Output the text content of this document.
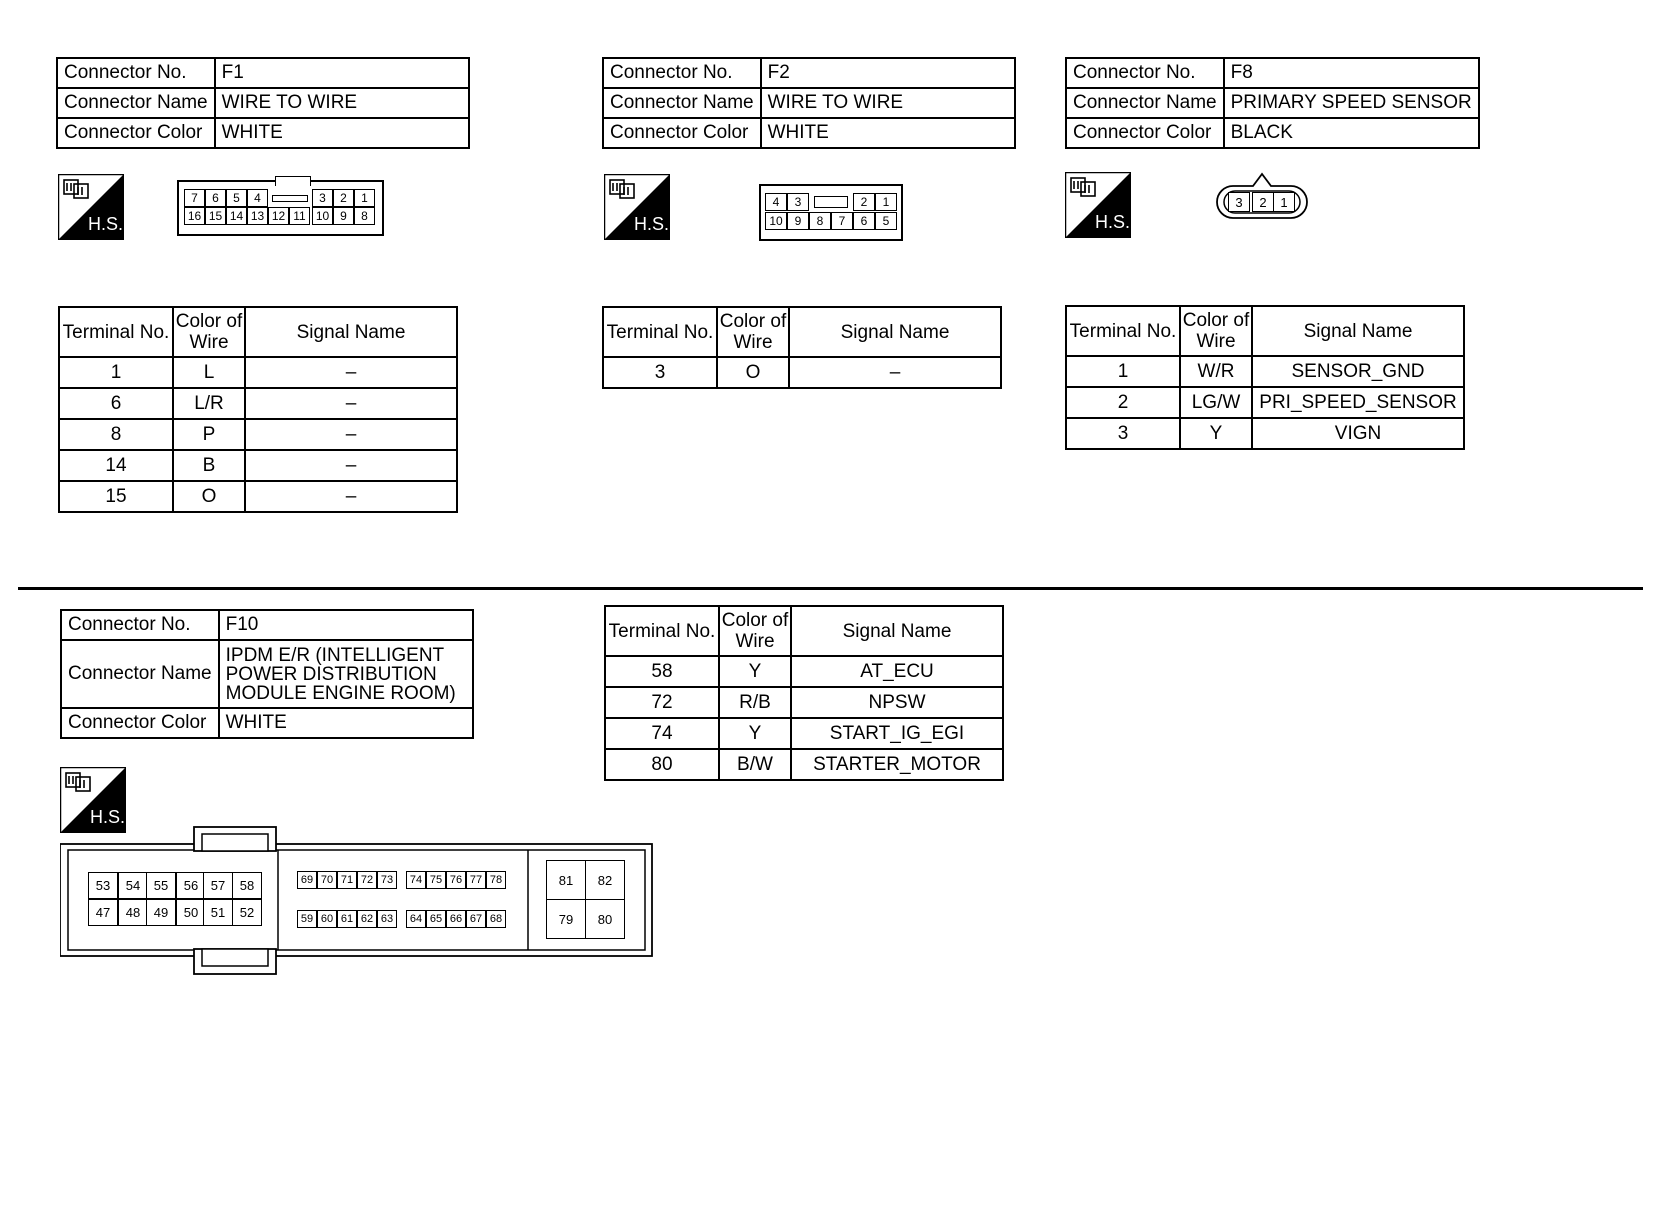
Connector No.	F1
Connector Name	WIRE TO WIRE
Connector Color	WHITE
H.S.
7	6	5	4	3	2	1
16 15 14 13 12 11 10 9	8
Terminal No.	Color of
Wire	Signal Name
1	L	–
6	L/R	–
8	P	–
14	B	–
15	O	–
Connector No.	F2
Connector Name	WIRE TO WIRE
Connector Color	WHITE
H.S.
4	3	2	1
10 9	8	7	6	5
Terminal No.	Color of
Wire	Signal Name
3	O	–
Connector No.	F8
Connector Name	PRIMARY SPEED SENSOR
Connector Color	BLACK
H.S.
3	2	1
Terminal No.	Color of
Wire	Signal Name
1	W/R	SENSOR_GND
2	LG/W	PRI_SPEED_SENSOR
3	Y	VIGN
Connector No.	F10
Connector Name	IPDM E/R (INTELLIGENT
POWER DISTRIBUTION
MODULE ENGINE ROOM)
Connector Color	WHITE
H.S.
53
47
54
48
55
49
56
50
57
51
58
52
69
59
70
60
71
61
72
62
73
63
74
64
75
65
76
66
77
67
78
68
81	82
79	80
Terminal No.	Color of
Wire	Signal Name
58	Y	AT_ECU
72	R/B	NPSW
74	Y	START_IG_EGI
80	B/W	STARTER_MOTOR
